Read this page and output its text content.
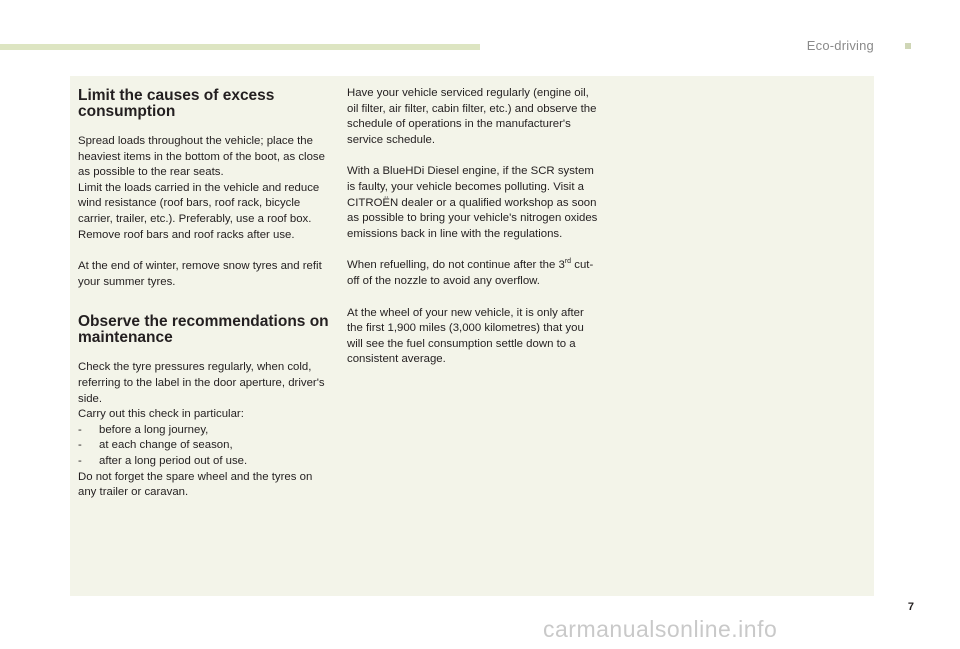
Eco-driving
Limit the causes of excess consumption

Spread loads throughout the vehicle; place the heaviest items in the bottom of the boot, as close as possible to the rear seats.
Limit the loads carried in the vehicle and reduce wind resistance (roof bars, roof rack, bicycle carrier, trailer, etc.). Preferably, use a roof box.
Remove roof bars and roof racks after use.

At the end of winter, remove snow tyres and refit your summer tyres.

Observe the recommendations on maintenance

Check the tyre pressures regularly, when cold, referring to the label in the door aperture, driver's side.
Carry out this check in particular:
- before a long journey,
- at each change of season,
- after a long period out of use.
Do not forget the spare wheel and the tyres on any trailer or caravan.

Have your vehicle serviced regularly (engine oil, oil filter, air filter, cabin filter, etc.) and observe the schedule of operations in the manufacturer's service schedule.

With a BlueHDi Diesel engine, if the SCR system is faulty, your vehicle becomes polluting. Visit a CITROËN dealer or a qualified workshop as soon as possible to bring your vehicle's nitrogen oxides emissions back in line with the regulations.

When refuelling, do not continue after the 3rd cut-off of the nozzle to avoid any overflow.

At the wheel of your new vehicle, it is only after the first 1,900 miles (3,000 kilometres) that you will see the fuel consumption settle down to a consistent average.

7
carmanualsonline.info
